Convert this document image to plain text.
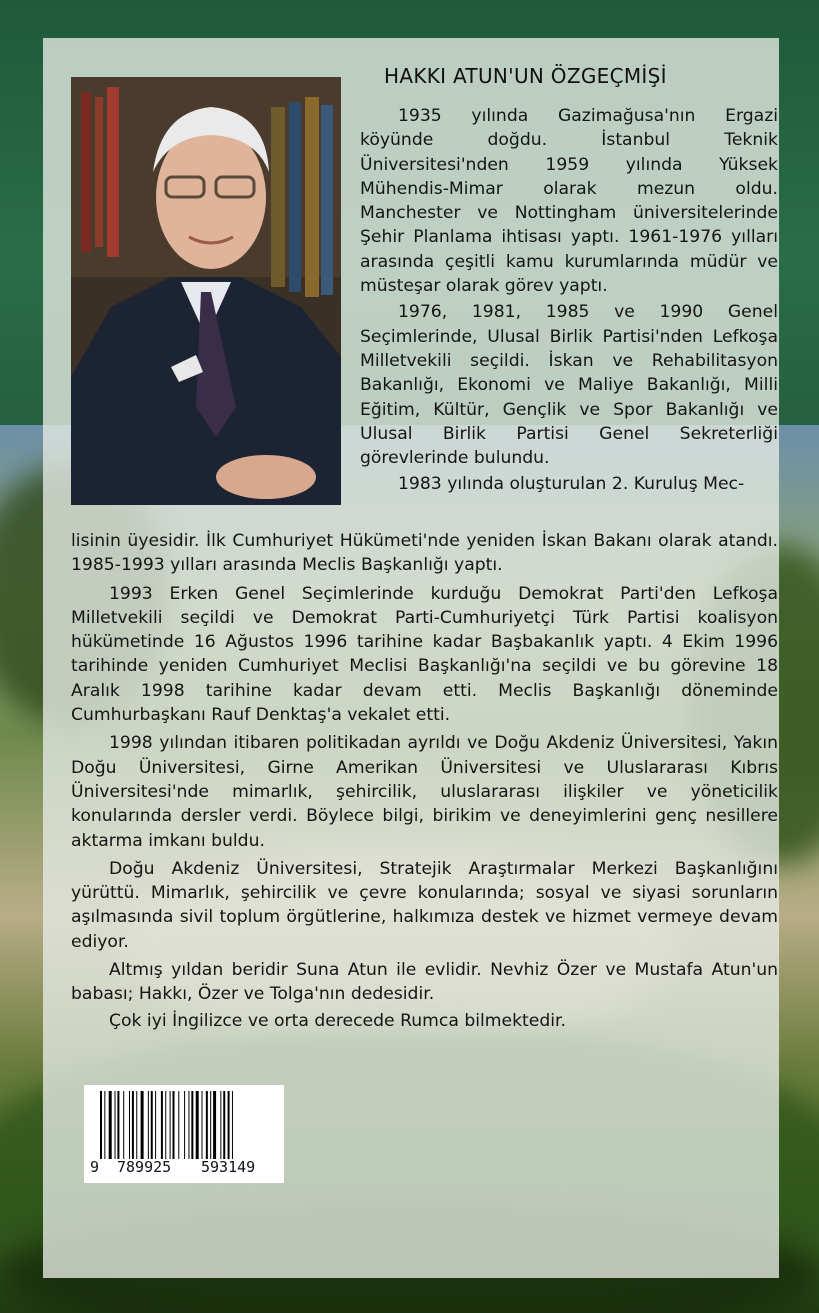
HAKKI ATUN'UN ÖZGEÇMİŞİ

1935 yılında Gazimağusa'nın Ergazi köyünde doğdu. İstanbul Teknik Üniversitesi'nden 1959 yılında Yüksek Mühendis-Mimar olarak mezun oldu. Manchester ve Nottingham üniversitelerinde Şehir Planlama ihtisası yaptı. 1961-1976 yılları arasında çeşitli kamu kurumlarında müdür ve müsteşar olarak görev yaptı.

1976, 1981, 1985 ve 1990 Genel Seçimlerinde, Ulusal Birlik Partisi'nden Lefkoşa Milletvekili seçildi. İskan ve Rehabilitasyon Bakanlığı, Ekonomi ve Maliye Bakanlığı, Milli Eğitim, Kültür, Gençlik ve Spor Bakanlığı ve Ulusal Birlik Partisi Genel Sekreterliği görevlerinde bulundu.

1983 yılında oluşturulan 2. Kuruluş Mec-

lisinin üyesidir. İlk Cumhuriyet Hükümeti'nde yeniden İskan Bakanı olarak atandı. 1985-1993 yılları arasında Meclis Başkanlığı yaptı.

1993 Erken Genel Seçimlerinde kurduğu Demokrat Parti'den Lefkoşa Milletvekili seçildi ve Demokrat Parti-Cumhuriyetçi Türk Partisi koalisyon hükümetinde 16 Ağustos 1996 tarihine kadar Başbakanlık yaptı. 4 Ekim 1996 tarihinde yeniden Cumhuriyet Meclisi Başkanlığı'na seçildi ve bu görevine 18 Aralık 1998 tarihine kadar devam etti. Meclis Başkanlığı döneminde Cumhurbaşkanı Rauf Denktaş'a vekalet etti.

1998 yılından itibaren politikadan ayrıldı ve Doğu Akdeniz Üniversitesi, Yakın Doğu Üniversitesi, Girne Amerikan Üniversitesi ve Uluslararası Kıbrıs Üniversitesi'nde mimarlık, şehircilik, uluslararası ilişkiler ve yöneticilik konularında dersler verdi. Böylece bilgi, birikim ve deneyimlerini genç nesillere aktarma imkanı buldu.

Doğu Akdeniz Üniversitesi, Stratejik Araştırmalar Merkezi Başkanlığını yürüttü. Mimarlık, şehircilik ve çevre konularında; sosyal ve siyasi sorunların aşılmasında sivil toplum örgütlerine, halkımıza destek ve hizmet vermeye devam ediyor.

Altmış yıldan beridir Suna Atun ile evlidir. Nevhiz Özer ve Mustafa Atun'un babası; Hakkı, Özer ve Tolga'nın dedesidir.

Çok iyi İngilizce ve orta derecede Rumca bilmektedir.

9 789925 593149
